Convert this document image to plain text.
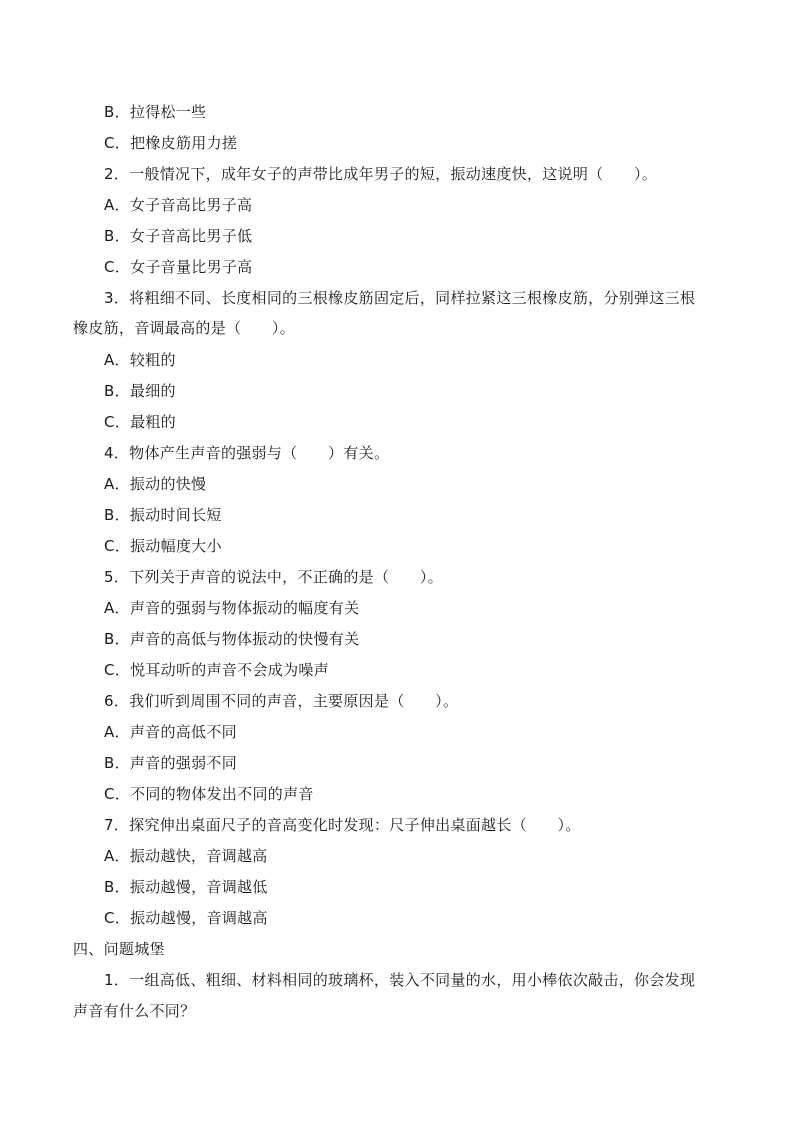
B．拉得松一些
C．把橡皮筋用力搓
2．一般情况下，成年女子的声带比成年男子的短，振动速度快，这说明（　　）。
A．女子音高比男子高
B．女子音高比男子低
C．女子音量比男子高
3．将粗细不同、长度相同的三根橡皮筋固定后，同样拉紧这三根橡皮筋，分别弹这三根
橡皮筋，音调最高的是（　　）。
A．较粗的
B．最细的
C．最粗的
4．物体产生声音的强弱与（　　）有关。
A．振动的快慢
B．振动时间长短
C．振动幅度大小
5．下列关于声音的说法中，不正确的是（　　）。
A．声音的强弱与物体振动的幅度有关
B．声音的高低与物体振动的快慢有关
C．悦耳动听的声音不会成为噪声
6．我们听到周围不同的声音，主要原因是（　　）。
A．声音的高低不同
B．声音的强弱不同
C．不同的物体发出不同的声音
7．探究伸出桌面尺子的音高变化时发现：尺子伸出桌面越长（　　）。
A．振动越快，音调越高
B．振动越慢，音调越低
C．振动越慢，音调越高
四、问题城堡
1．一组高低、粗细、材料相同的玻璃杯，装入不同量的水，用小棒依次敲击，你会发现
声音有什么不同？
